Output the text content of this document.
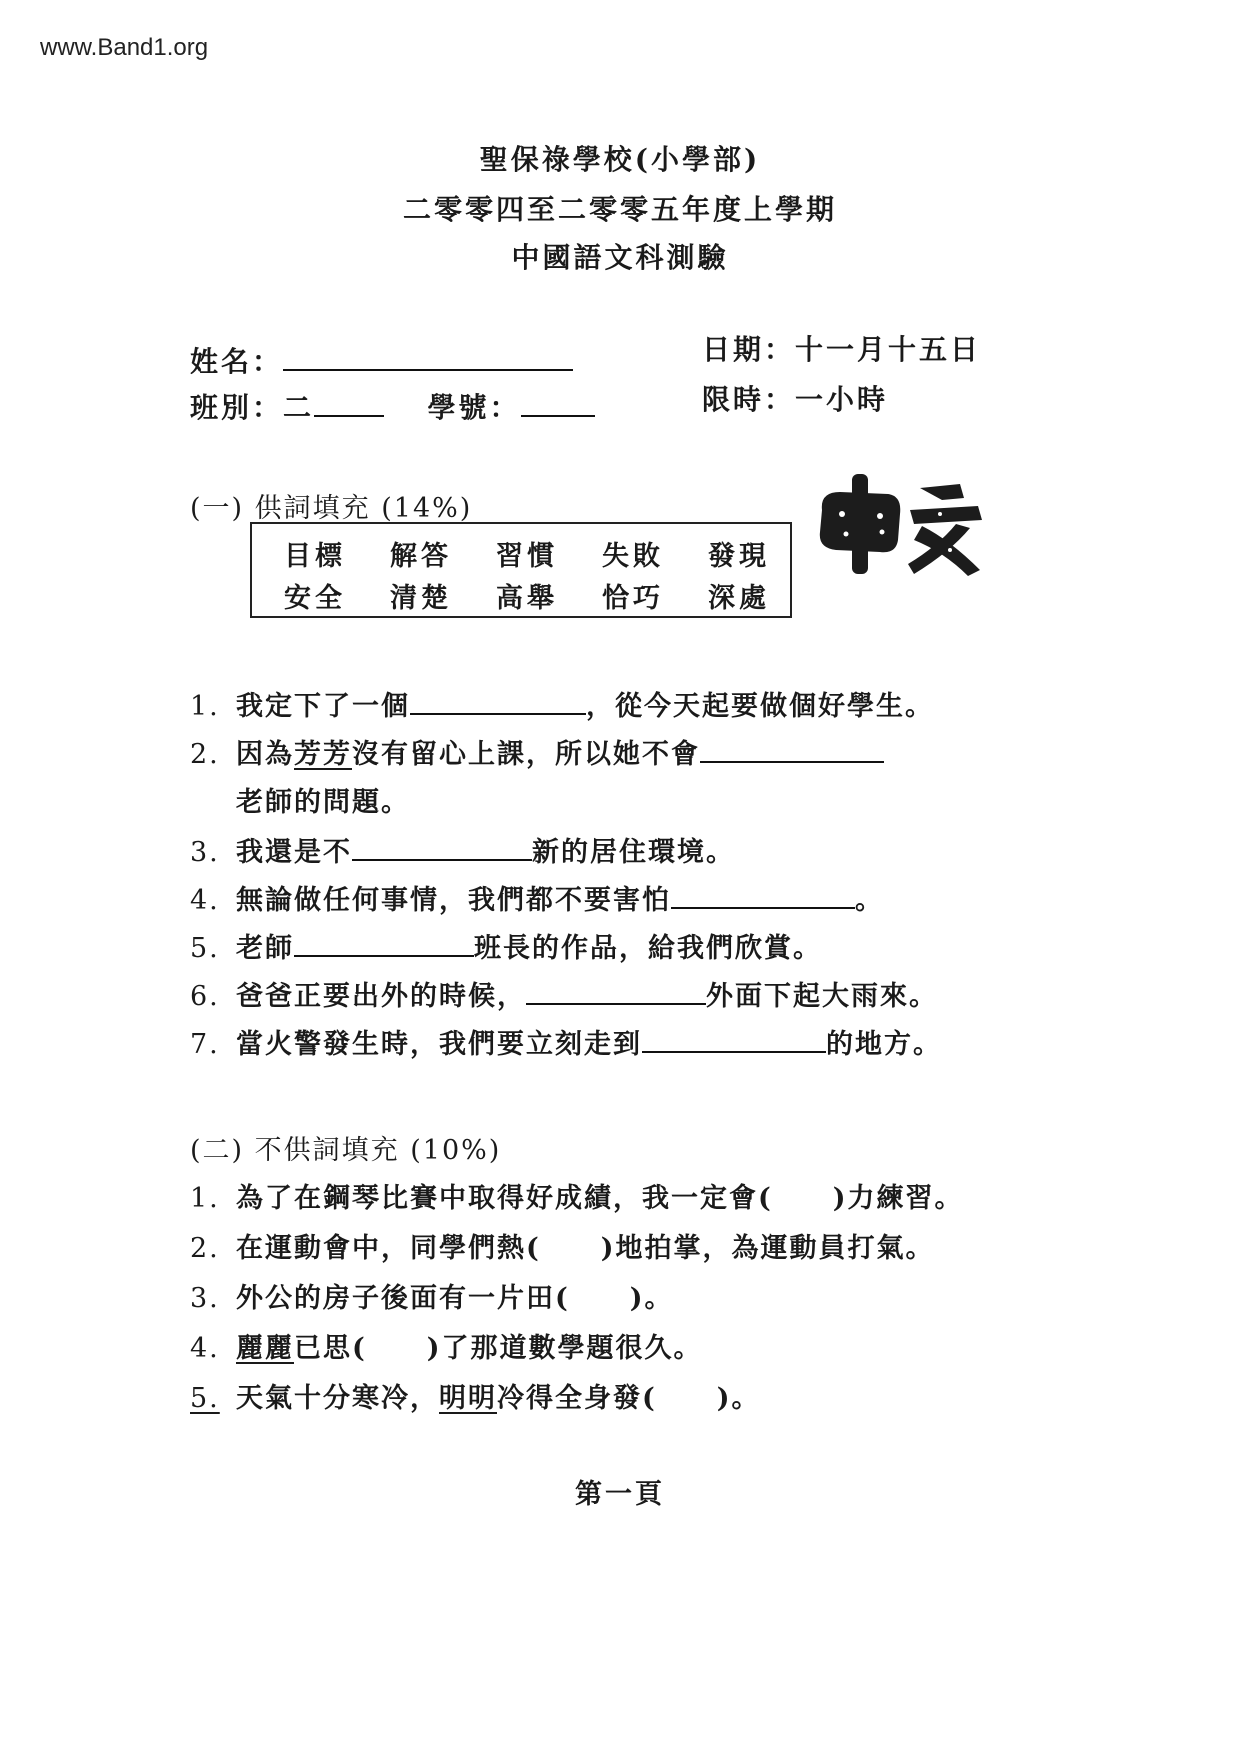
www.Band1.org
聖保祿學校(小學部)
二零零四至二零零五年度上學期
中國語文科測驗
姓名：	日期：十一月十五日
班別：二	學號：	限時：一小時
(一) 供詞填充 (14%)
目標 解答 習慣 失敗 發現
安全 清楚 高舉 恰巧 深處
1. 我定下了一個	，從今天起要做個好學生。
2. 因為芳芳沒有留心上課，所以她不會
老師的問題。
3. 我還是不	新的居住環境。
4. 無論做任何事情，我們都不要害怕	。
5. 老師	班長的作品，給我們欣賞。
6. 爸爸正要出外的時候，	外面下起大雨來。
7. 當火警發生時，我們要立刻走到	的地方。
(二) 不供詞填充 (10%)
1. 為了在鋼琴比賽中取得好成績，我一定會( )力練習。
2. 在運動會中，同學們熱( )地拍掌，為運動員打氣。
3. 外公的房子後面有一片田( )。
4. 麗麗已思( )了那道數學題很久。
5. 天氣十分寒冷，明明冷得全身發( )。
第一頁
